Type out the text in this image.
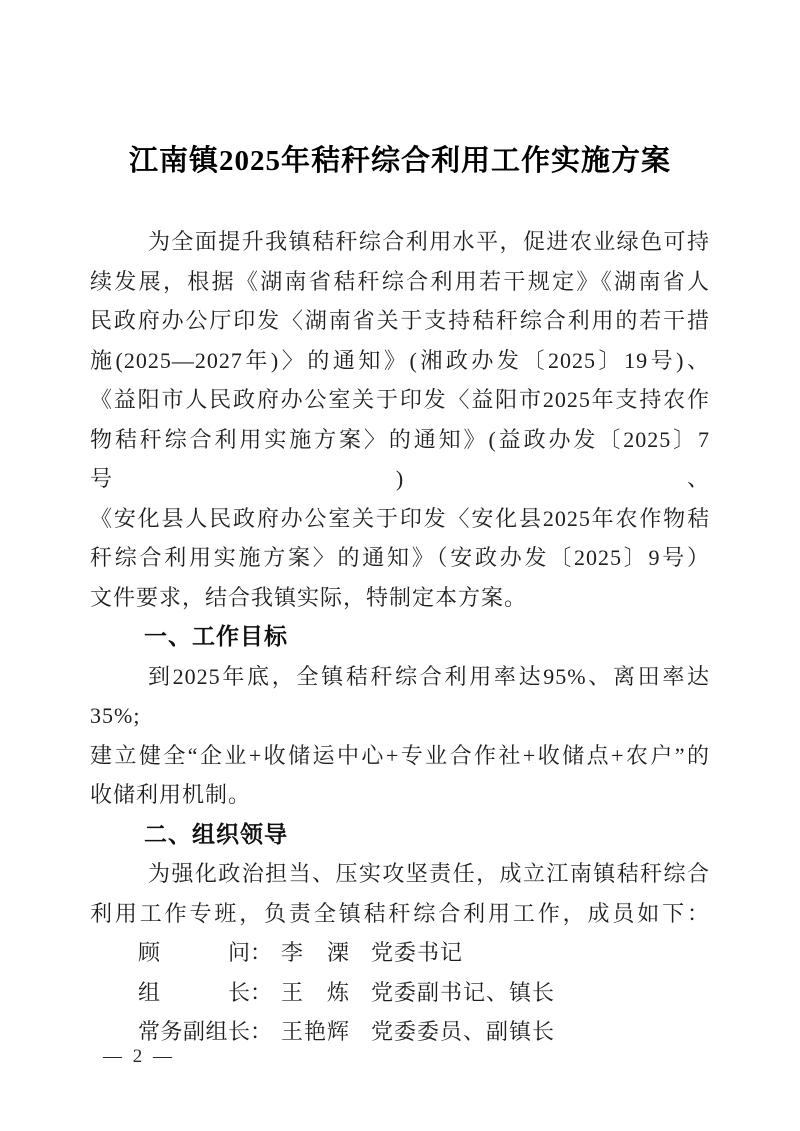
江南镇2025年秸秆综合利用工作实施方案
为全面提升我镇秸秆综合利用水平，促进农业绿色可持
续发展，根据《湖南省秸秆综合利用若干规定》《湖南省人
民政府办公厅印发〈湖南省关于支持秸秆综合利用的若干措
施(2025—2027年)〉的通知》(湘政办发〔2025〕19号)、
《益阳市人民政府办公室关于印发〈益阳市2025年支持农作
物秸秆综合利用实施方案〉的通知》(益政办发〔2025〕7号)、
《安化县人民政府办公室关于印发〈安化县2025年农作物秸
秆综合利用实施方案〉的通知》（安政办发〔2025〕9号）
文件要求，结合我镇实际，特制定本方案。
一、工作目标
到2025年底，全镇秸秆综合利用率达95%、离田率达35%;
建立健全“企业+收储运中心+专业合作社+收储点+农户”的
收储利用机制。
二、组织领导
为强化政治担当、压实攻坚责任，成立江南镇秸秆综合
利用工作专班，负责全镇秸秆综合利用工作，成员如下：
顾问 ： 李　溧 党委书记
组长 ： 王　炼 党委副书记、镇长
常务副组长 ： 王艳辉 党委委员、副镇长
— 2 —
